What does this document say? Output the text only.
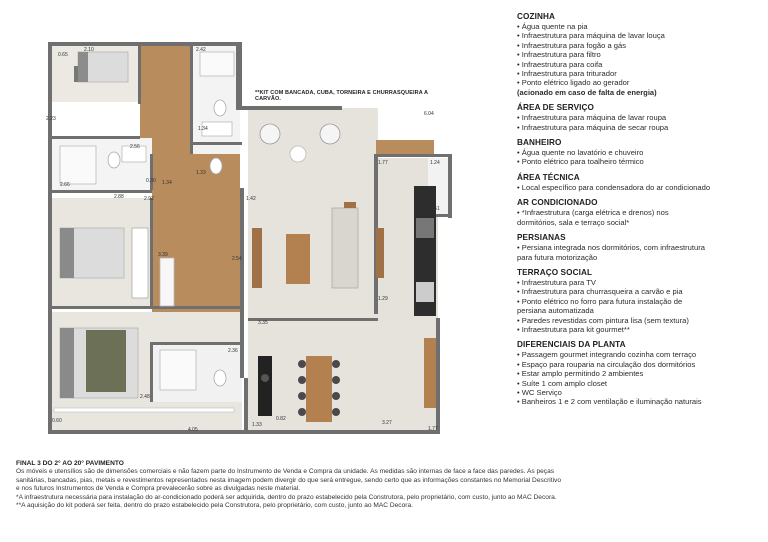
**KIT COM BANCADA, CUBA, TORNEIRA E CHURRASQUEIRA A CARVÃO.
2.10	2.42
0.65
2.23
1.34
2.56
2.92
1.33
2.66
0.30 1.34
1.42
6.04
1.77	1.24
2.88
1.51
3.39
2.54
1.29
3.35
2.36
2.48
4.05
0.82
1.33	3.27
1.77
0.60
COZINHA
• Água quente na pia
• Infraestrutura para máquina de lavar louça
• Infraestrutura para fogão a gás
• Infraestrutura para filtro
• Infraestrutura para coifa
• Infraestrutura para triturador
• Ponto elétrico ligado ao gerador
(acionado em caso de falta de energia)
ÁREA DE SERVIÇO
• Infraestrutura para máquina de lavar roupa
• Infraestrutura para máquina de secar roupa
BANHEIRO
• Água quente no lavatório e chuveiro
• Ponto elétrico para toalheiro térmico
ÁREA TÉCNICA
• Local específico para condensadora do ar condicionado
AR CONDICIONADO
• *Infraestrutura (carga elétrica e drenos) nos
dormitórios, sala e terraço social*
PERSIANAS
• Persiana integrada nos dormitórios, com infraestrutura
para futura motorização
TERRAÇO SOCIAL
• Infraestrutura para TV
• Infraestrutura para churrasqueira a carvão e pia
• Ponto elétrico no forro para futura instalação de
persiana automatizada
• Paredes revestidas com pintura lisa (sem textura)
• Infraestrutura para kit gourmet**
DIFERENCIAIS DA PLANTA
• Passagem gourmet integrando cozinha com terraço
• Espaço para rouparia na circulação dos dormitórios
• Estar amplo permitindo 2 ambientes
• Suíte 1 com amplo closet
• WC Serviço
• Banheiros 1 e 2 com ventilação e iluminação naturais
FINAL 3 DO 2° AO 20° PAVIMENTO
Os móveis e utensílios são de dimensões comerciais e não fazem parte do Instrumento de Venda e Compra da unidade. As medidas são internas de face a face das paredes. As peças
sanitárias, bancadas, pias, metais e revestimentos representados nesta imagem podem divergir do que será entregue, sendo certo que as informações constantes no Memorial Descritivo
e nos futuros Instrumentos de Venda e Compra prevalecerão sobre as divulgadas neste material.
*A infraestrutura necessária para instalação do ar-condicionado poderá ser adquirida, dentro do prazo estabelecido pela Construtora, pelo proprietário, com custo, junto ao MAC Decora.
**A aquisição do kit poderá ser feita, dentro do prazo estabelecido pela Construtora, pelo proprietário, com custo, junto ao MAC Decora.
